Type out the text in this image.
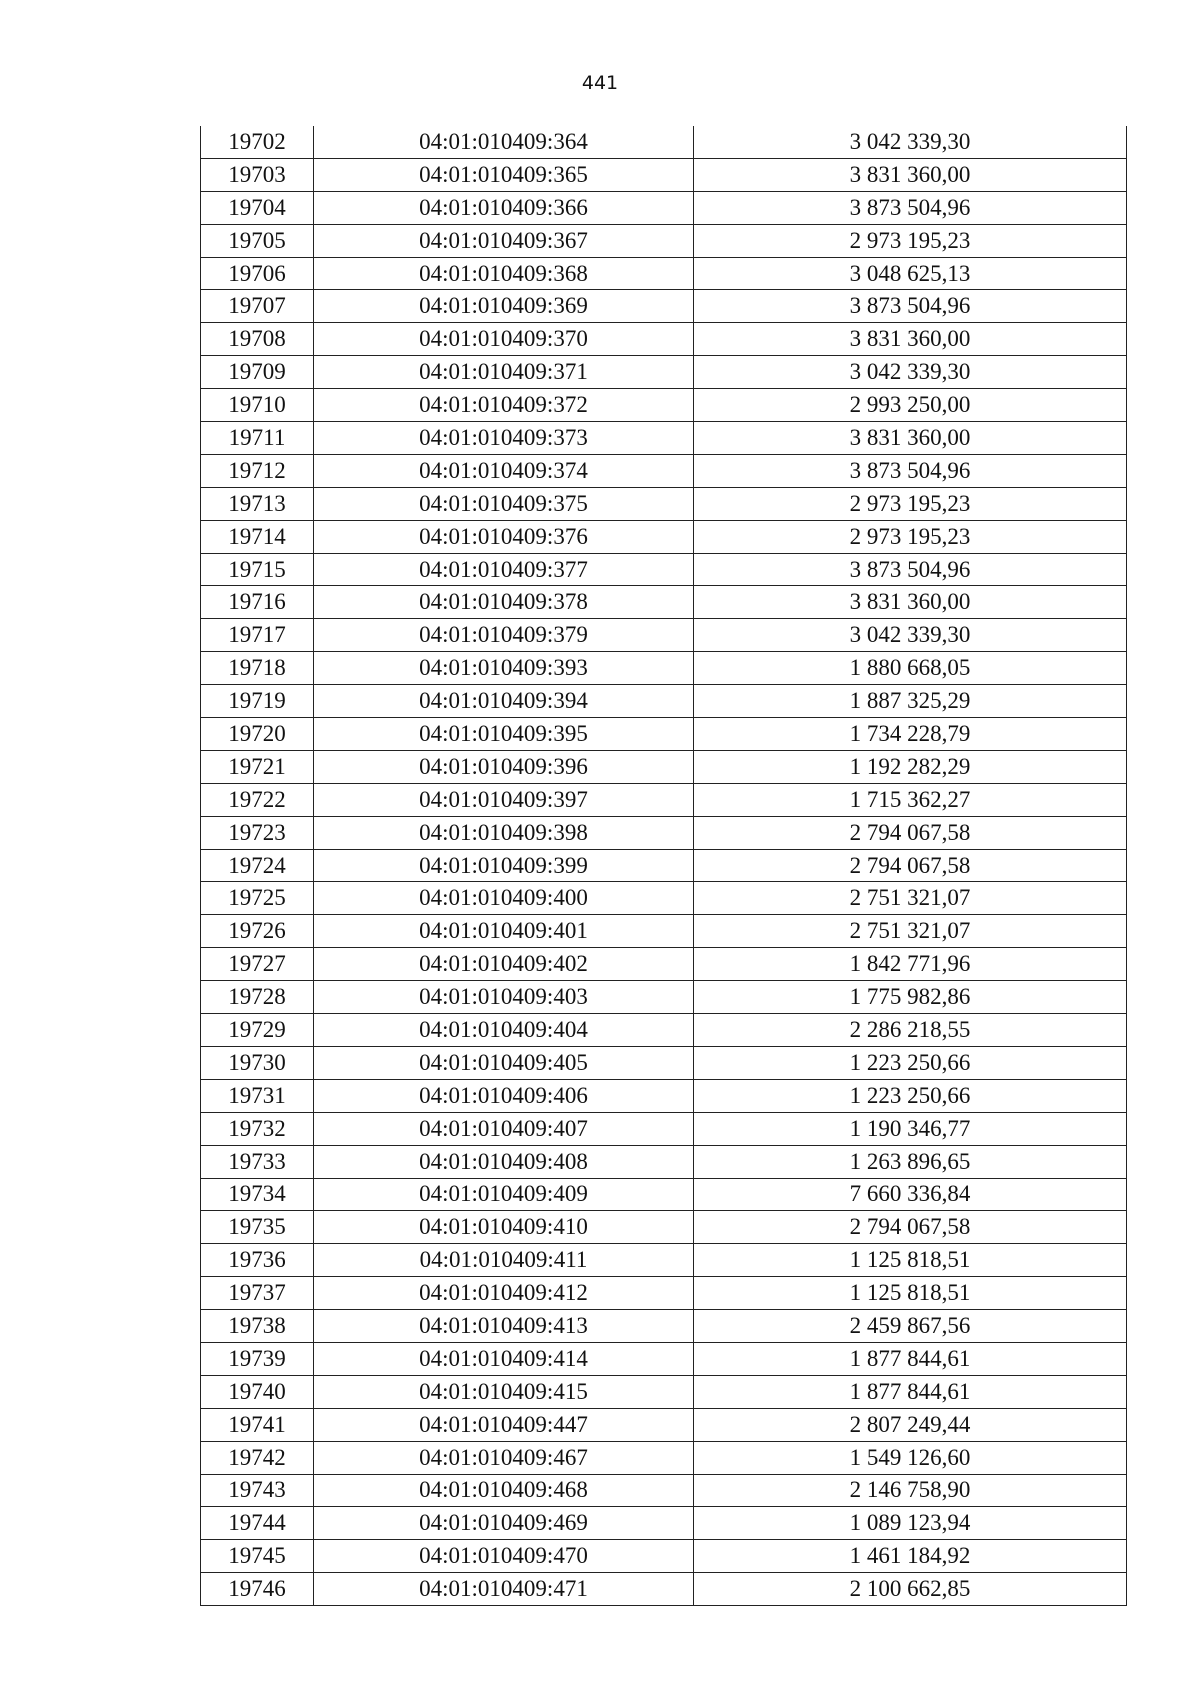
441
19702	04:01:010409:364	3 042 339,30
19703	04:01:010409:365	3 831 360,00
19704	04:01:010409:366	3 873 504,96
19705	04:01:010409:367	2 973 195,23
19706	04:01:010409:368	3 048 625,13
19707	04:01:010409:369	3 873 504,96
19708	04:01:010409:370	3 831 360,00
19709	04:01:010409:371	3 042 339,30
19710	04:01:010409:372	2 993 250,00
19711	04:01:010409:373	3 831 360,00
19712	04:01:010409:374	3 873 504,96
19713	04:01:010409:375	2 973 195,23
19714	04:01:010409:376	2 973 195,23
19715	04:01:010409:377	3 873 504,96
19716	04:01:010409:378	3 831 360,00
19717	04:01:010409:379	3 042 339,30
19718	04:01:010409:393	1 880 668,05
19719	04:01:010409:394	1 887 325,29
19720	04:01:010409:395	1 734 228,79
19721	04:01:010409:396	1 192 282,29
19722	04:01:010409:397	1 715 362,27
19723	04:01:010409:398	2 794 067,58
19724	04:01:010409:399	2 794 067,58
19725	04:01:010409:400	2 751 321,07
19726	04:01:010409:401	2 751 321,07
19727	04:01:010409:402	1 842 771,96
19728	04:01:010409:403	1 775 982,86
19729	04:01:010409:404	2 286 218,55
19730	04:01:010409:405	1 223 250,66
19731	04:01:010409:406	1 223 250,66
19732	04:01:010409:407	1 190 346,77
19733	04:01:010409:408	1 263 896,65
19734	04:01:010409:409	7 660 336,84
19735	04:01:010409:410	2 794 067,58
19736	04:01:010409:411	1 125 818,51
19737	04:01:010409:412	1 125 818,51
19738	04:01:010409:413	2 459 867,56
19739	04:01:010409:414	1 877 844,61
19740	04:01:010409:415	1 877 844,61
19741	04:01:010409:447	2 807 249,44
19742	04:01:010409:467	1 549 126,60
19743	04:01:010409:468	2 146 758,90
19744	04:01:010409:469	1 089 123,94
19745	04:01:010409:470	1 461 184,92
19746	04:01:010409:471	2 100 662,85
